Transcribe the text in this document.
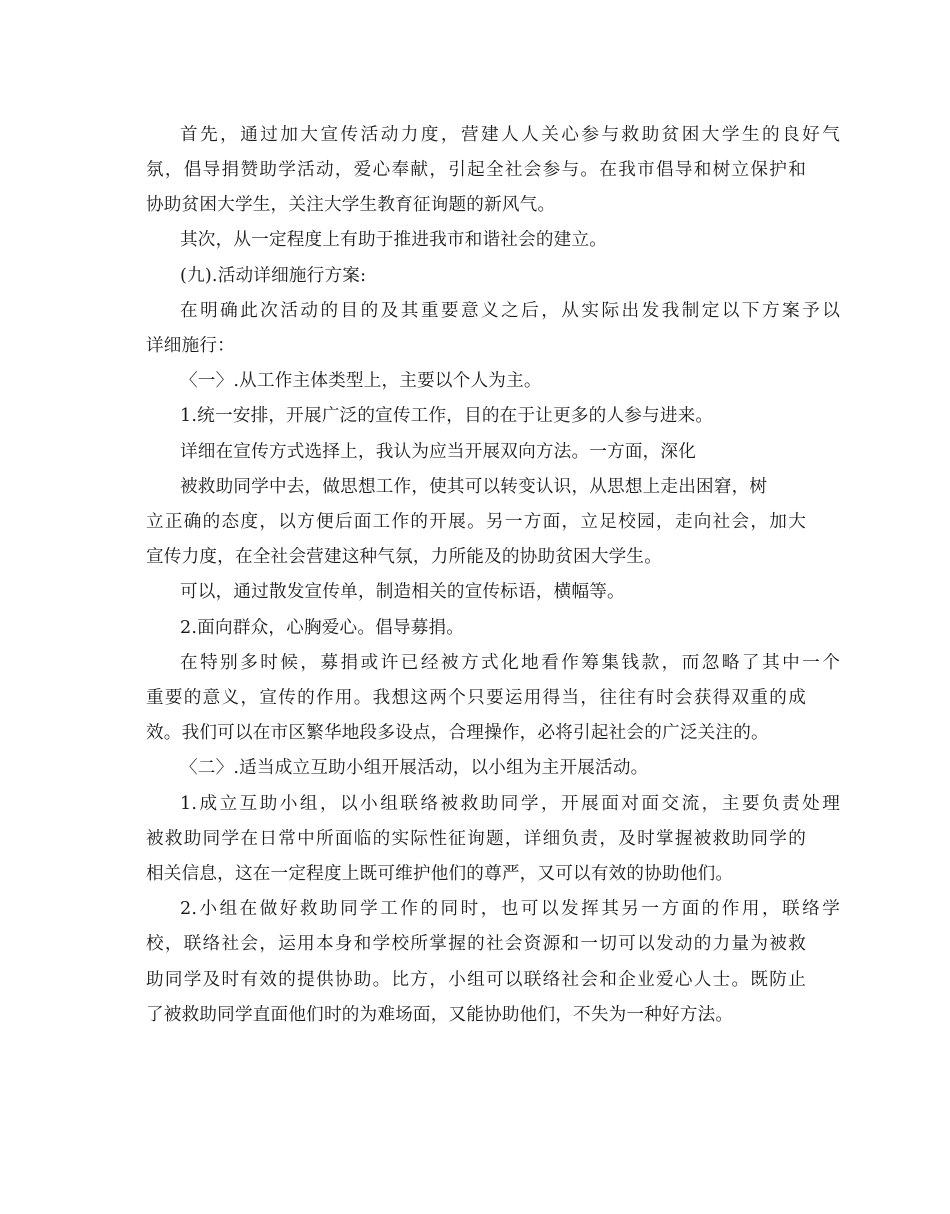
首先，通过加大宣传活动力度，营建人人关心参与救助贫困大学生的良好气
氛，倡导捐赞助学活动，爱心奉献，引起全社会参与。在我市倡导和树立保护和
协助贫困大学生，关注大学生教育征询题的新风气。
其次，从一定程度上有助于推进我市和谐社会的建立。
(九).活动详细施行方案:
在明确此次活动的目的及其重要意义之后，从实际出发我制定以下方案予以
详细施行：
〈一〉.从工作主体类型上，主要以个人为主。
1.统一安排，开展广泛的宣传工作，目的在于让更多的人参与进来。
详细在宣传方式选择上，我认为应当开展双向方法。一方面，深化
被救助同学中去，做思想工作，使其可以转变认识，从思想上走出困窘，树
立正确的态度，以方便后面工作的开展。另一方面，立足校园，走向社会，加大
宣传力度，在全社会营建这种气氛，力所能及的协助贫困大学生。
可以，通过散发宣传单，制造相关的宣传标语，横幅等。
2.面向群众，心胸爱心。倡导募捐。
在特别多时候，募捐或许已经被方式化地看作筹集钱款，而忽略了其中一个
重要的意义，宣传的作用。我想这两个只要运用得当，往往有时会获得双重的成
效。我们可以在市区繁华地段多设点，合理操作，必将引起社会的广泛关注的。
〈二〉.适当成立互助小组开展活动，以小组为主开展活动。
1.成立互助小组，以小组联络被救助同学，开展面对面交流，主要负责处理
被救助同学在日常中所面临的实际性征询题，详细负责，及时掌握被救助同学的
相关信息，这在一定程度上既可维护他们的尊严，又可以有效的协助他们。
2.小组在做好救助同学工作的同时，也可以发挥其另一方面的作用，联络学
校，联络社会，运用本身和学校所掌握的社会资源和一切可以发动的力量为被救
助同学及时有效的提供协助。比方，小组可以联络社会和企业爱心人士。既防止
了被救助同学直面他们时的为难场面，又能协助他们，不失为一种好方法。
